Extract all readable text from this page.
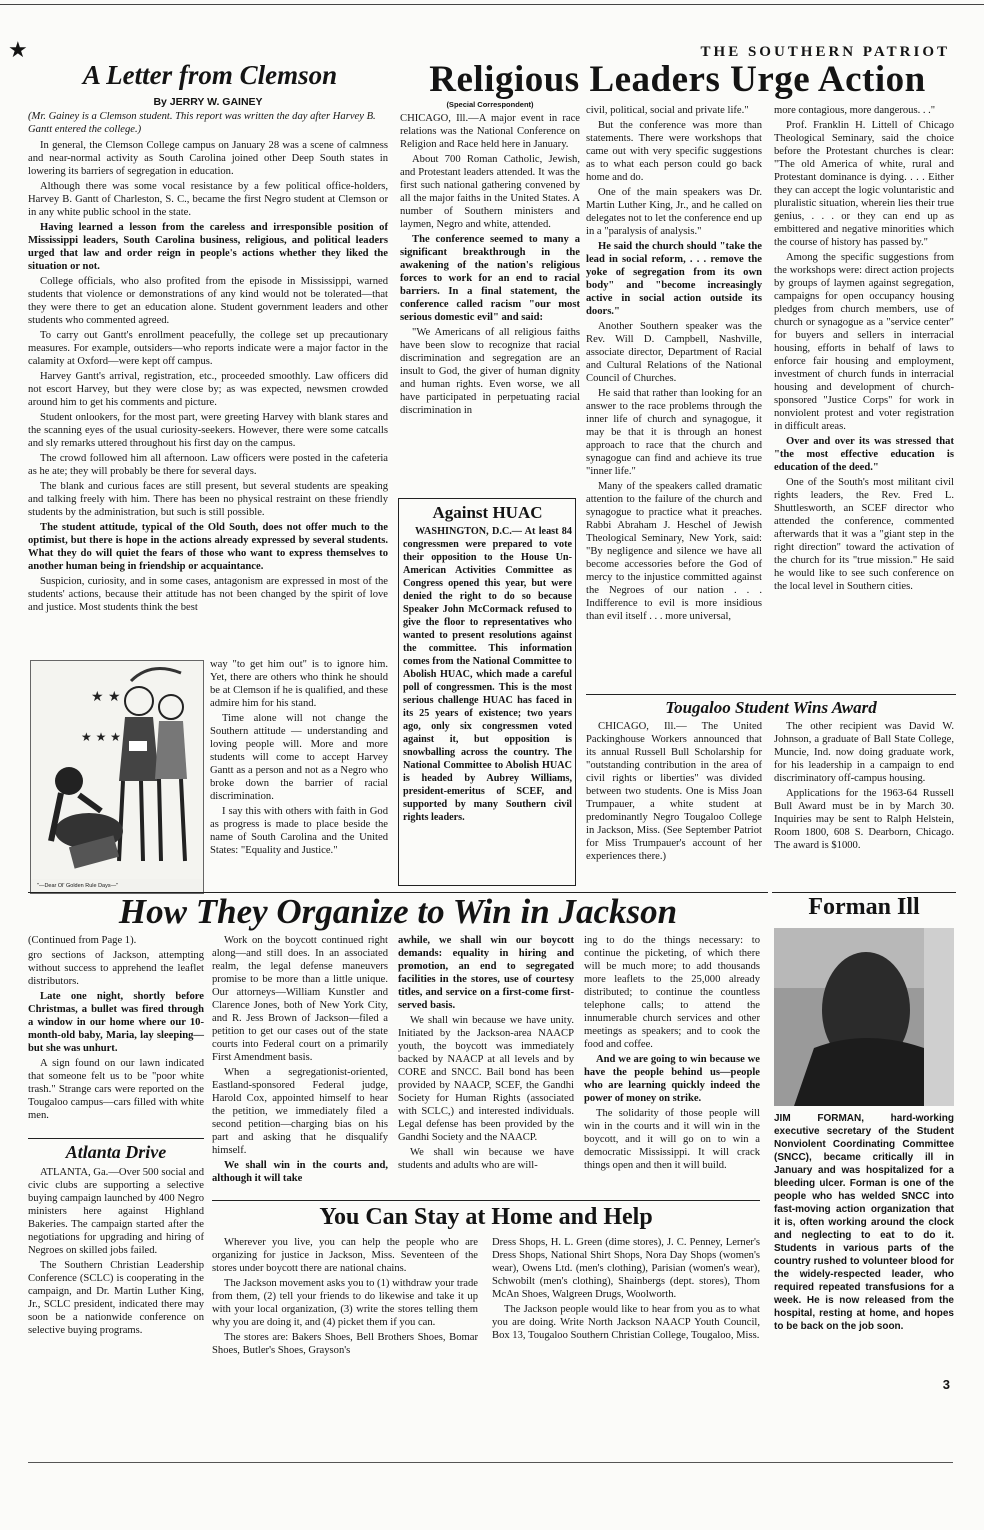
★	THE SOUTHERN PATRIOT
A Letter from Clemson
By JERRY W. GAINEY
(Mr. Gainey is a Clemson student. This report was written the day after Harvey B. Gantt entered the college.)

In general, the Clemson College campus on January 28 was a scene of calmness and near-normal activity as South Carolina joined other Deep South states in lowering its barriers of segregation in education.

Although there was some vocal resistance by a few political office-holders, Harvey B. Gantt of Charleston, S. C., became the first Negro student at Clemson or in any white public school in the state.

Having learned a lesson from the careless and irresponsible position of Mississippi leaders, South Carolina business, religious, and political leaders urged that law and order reign in people's actions whether they liked the situation or not.

College officials, who also profited from the episode in Mississippi, warned students that violence or demonstrations of any kind would not be tolerated—that they were there to get an education alone. Student government leaders and other students who commented agreed.

To carry out Gantt's enrollment peacefully, the college set up precautionary measures. For example, outsiders—who reports indicate were a major factor in the calamity at Oxford—were kept off campus.

Harvey Gantt's arrival, registration, etc., proceeded smoothly. Law officers did not escort Harvey, but they were close by; as was expected, newsmen crowded around him to get his comments and picture.

Student onlookers, for the most part, were greeting Harvey with blank stares and the scanning eyes of the usual curiosity-seekers. However, there were some catcalls and sly remarks uttered throughout his first day on the campus.

The crowd followed him all afternoon. Law officers were posted in the cafeteria as he ate; they will probably be there for several days.

The blank and curious faces are still present, but several students are speaking and talking freely with him. There has been no physical restraint on these friendly students by the administration, but such is still possible.

The student attitude, typical of the Old South, does not offer much to the optimist, but there is hope in the actions already expressed by several students. What they do will quiet the fears of those who want to express themselves to another human being in friendship or acquaintance.

Suspicion, curiosity, and in some cases, antagonism are expressed in most of the students' actions, because their attitude has not been changed by the spirit of love and justice. Most students think the best

★ ★
★ ★ ★
"—Dear Ol' Golden Rule Days—"

way "to get him out" is to ignore him. Yet, there are others who think he should be at Clemson if he is qualified, and these admire him for his stand.

Time alone will not change the Southern attitude — understanding and loving people will. More and more students will come to accept Harvey Gantt as a person and not as a Negro who broke down the barrier of racial discrimination.

I say this with others with faith in God as progress is made to place beside the name of South Carolina and the United States: "Equality and Justice."

Religious Leaders Urge Action
(Special Correspondent)

CHICAGO, Ill.—A major event in race relations was the National Conference on Religion and Race held here in January.

About 700 Roman Catholic, Jewish, and Protestant leaders attended. It was the first such national gathering convened by all the major faiths in the United States. A number of Southern ministers and laymen, Negro and white, attended.

The conference seemed to many a significant breakthrough in the awakening of the nation's religious forces to work for an end to racial barriers. In a final statement, the conference called racism "our most serious domestic evil" and said:

"We Americans of all religious faiths have been slow to recognize that racial discrimination and segregation are an insult to God, the giver of human dignity and human rights. Even worse, we all have participated in perpetuating racial discrimination in

civil, political, social and private life."

But the conference was more than statements. There were workshops that came out with very specific suggestions as to what each person could go back home and do.

One of the main speakers was Dr. Martin Luther King, Jr., and he called on delegates not to let the conference end up in a "paralysis of analysis."

He said the church should "take the lead in social reform, . . . remove the yoke of segregation from its own body" and "become increasingly active in social action outside its doors."

Another Southern speaker was the Rev. Will D. Campbell, Nashville, associate director, Department of Racial and Cultural Relations of the National Council of Churches.

He said that rather than looking for an answer to the race problems through the inner life of church and synagogue, it may be that it is through an honest approach to race that the church and synagogue can find and achieve its true "inner life."

Many of the speakers called dramatic attention to the failure of the church and synagogue to practice what it preaches. Rabbi Abraham J. Heschel of Jewish Theological Seminary, New York, said: "By negligence and silence we have all become accessories before the God of mercy to the injustice committed against the Negroes of our nation . . . Indifference to evil is more insidious than evil itself . . . more universal,

more contagious, more dangerous. . ."

Prof. Franklin H. Littell of Chicago Theological Seminary, said the choice before the Protestant churches is clear: "The old America of white, rural and Protestant dominance is dying. . . . Either they can accept the logic voluntaristic and pluralistic situation, wherein lies their true genius, . . . or they can end up as embittered and negative minorities which the course of history has passed by."

Among the specific suggestions from the workshops were: direct action projects by groups of laymen against segregation, campaigns for open occupancy housing pledges from church members, use of church or synagogue as a "service center" for buyers and sellers in interracial housing, efforts in behalf of laws to enforce fair housing and employment, investment of church funds in interracial housing and development of church-sponsored "Justice Corps" for work in nonviolent protest and voter registration in difficult areas.

Over and over its was stressed that "the most effective education is education of the deed."

One of the South's most militant civil rights leaders, the Rev. Fred L. Shuttlesworth, an SCEF director who attended the conference, commented afterwards that it was a "giant step in the right direction" toward the activation of the church for its "true mission." He said he would like to see such conference on the local level in Southern cities.

Against HUAC
WASHINGTON, D.C.— At least 84 congressmen were prepared to vote their opposition to the House Un-American Activities Committee as Congress opened this year, but were denied the right to do so because Speaker John McCormack refused to give the floor to representatives who wanted to present resolutions against the committee. This information comes from the National Committee to Abolish HUAC, which made a careful poll of congressmen. This is the most serious challenge HUAC has faced in its 25 years of existence; two years ago, only six congressmen voted against it, but opposition is snowballing across the country. The National Committee to Abolish HUAC is headed by Aubrey Williams, president-emeritus of SCEF, and supported by many Southern civil rights leaders.
Tougaloo Student Wins Award

CHICAGO, Ill.— The United Packinghouse Workers announced that its annual Russell Bull Scholarship for "outstanding contribution in the area of civil rights or liberties" was divided between two students. One is Miss Joan Trumpauer, a white student at predominantly Negro Tougaloo College in Jackson, Miss. (See September Patriot for Miss Trumpauer's account of her experiences there.)

The other recipient was David W. Johnson, a graduate of Ball State College, Muncie, Ind. now doing graduate work, for his leadership in a campaign to end discriminatory off-campus housing.

Applications for the 1963-64 Russell Bull Award must be in by March 30. Inquiries may be sent to Ralph Helstein, Room 1800, 608 S. Dearborn, Chicago. The award is $1000.

How They Organize to Win in Jackson

(Continued from Page 1).

gro sections of Jackson, attempting without success to apprehend the leaflet distributors.

Late one night, shortly before Christmas, a bullet was fired through a window in our home where our 10-month-old baby, Maria, lay sleeping—but she was unhurt.

A sign found on our lawn indicated that someone felt us to be "poor white trash." Strange cars were reported on the Tougaloo campus—cars filled with white men.

Work on the boycott continued right along—and still does. In an associated realm, the legal defense maneuvers promise to be more than a little unique. Our attorneys—William Kunstler and Clarence Jones, both of New York City, and R. Jess Brown of Jackson—filed a petition to get our cases out of the state courts into Federal court on a primarily First Amendment basis.

When a segregationist-oriented, Eastland-sponsored Federal judge, Harold Cox, appointed himself to hear the petition, we immediately filed a second petition—charging bias on his part and asking that he disqualify himself.

We shall win in the courts and, although it will take

awhile, we shall win our boycott demands: equality in hiring and promotion, an end to segregated facilities in the stores, use of courtesy titles, and service on a first-come first-served basis.

We shall win because we have unity. Initiated by the Jackson-area NAACP youth, the boycott was immediately backed by NAACP at all levels and by CORE and SNCC. Bail bond has been provided by NAACP, SCEF, the Gandhi Society for Human Rights (associated with SCLC,) and interested individuals. Legal defense has been provided by the Gandhi Society and the NAACP.

We shall win because we have students and adults who are will-

ing to do the things necessary: to continue the picketing, of which there will be much more; to add thousands more leaflets to the 25,000 already distributed; to continue the countless telephone calls; to attend the innumerable church services and other meetings as speakers; and to cook the food and coffee.

And we are going to win because we have the people behind us—people who are learning quickly indeed the power of money on strike.

The solidarity of those people will win in the courts and it will win in the boycott, and it will go on to win a democratic Mississippi. It will crack things open and then it will build.

Atlanta Drive

ATLANTA, Ga.—Over 500 social and civic clubs are supporting a selective buying campaign launched by 400 Negro ministers here against Highland Bakeries. The campaign started after the negotiations for upgrading and hiring of Negroes on skilled jobs failed.

The Southern Christian Leadership Conference (SCLC) is cooperating in the campaign, and Dr. Martin Luther King, Jr., SCLC president, indicated there may soon be a nationwide conference on selective buying programs.

You Can Stay at Home and Help

Wherever you live, you can help the people who are organizing for justice in Jackson, Miss. Seventeen of the stores under boycott there are national chains.

The Jackson movement asks you to (1) withdraw your trade from them, (2) tell your friends to do likewise and take it up with your local organization, (3) write the stores telling them why you are doing it, and (4) picket them if you can.

The stores are: Bakers Shoes, Bell Brothers Shoes, Bomar Shoes, Butler's Shoes, Grayson's

Dress Shops, H. L. Green (dime stores), J. C. Penney, Lerner's Dress Shops, National Shirt Shops, Nora Day Shops (women's wear), Owens Ltd. (men's clothing), Parisian (women's wear), Schwobilt (men's clothing), Shainbergs (dept. stores), Thom McAn Shoes, Walgreen Drugs, Woolworth.

The Jackson people would like to hear from you as to what you are doing. Write North Jackson NAACP Youth Council, Box 13, Tougaloo Southern Christian College, Tougaloo, Miss.

Forman Ill
JIM FORMAN, hard-working executive secretary of the Student Nonviolent Coordinating Committee (SNCC), became critically ill in January and was hospitalized for a bleeding ulcer. Forman is one of the people who has welded SNCC into fast-moving action organization that it is, often working around the clock and neglecting to eat to do it. Students in various parts of the country rushed to volunteer blood for the widely-respected leader, who required repeated transfusions for a week. He is now released from the hospital, resting at home, and hopes to be back on the job soon.
3
